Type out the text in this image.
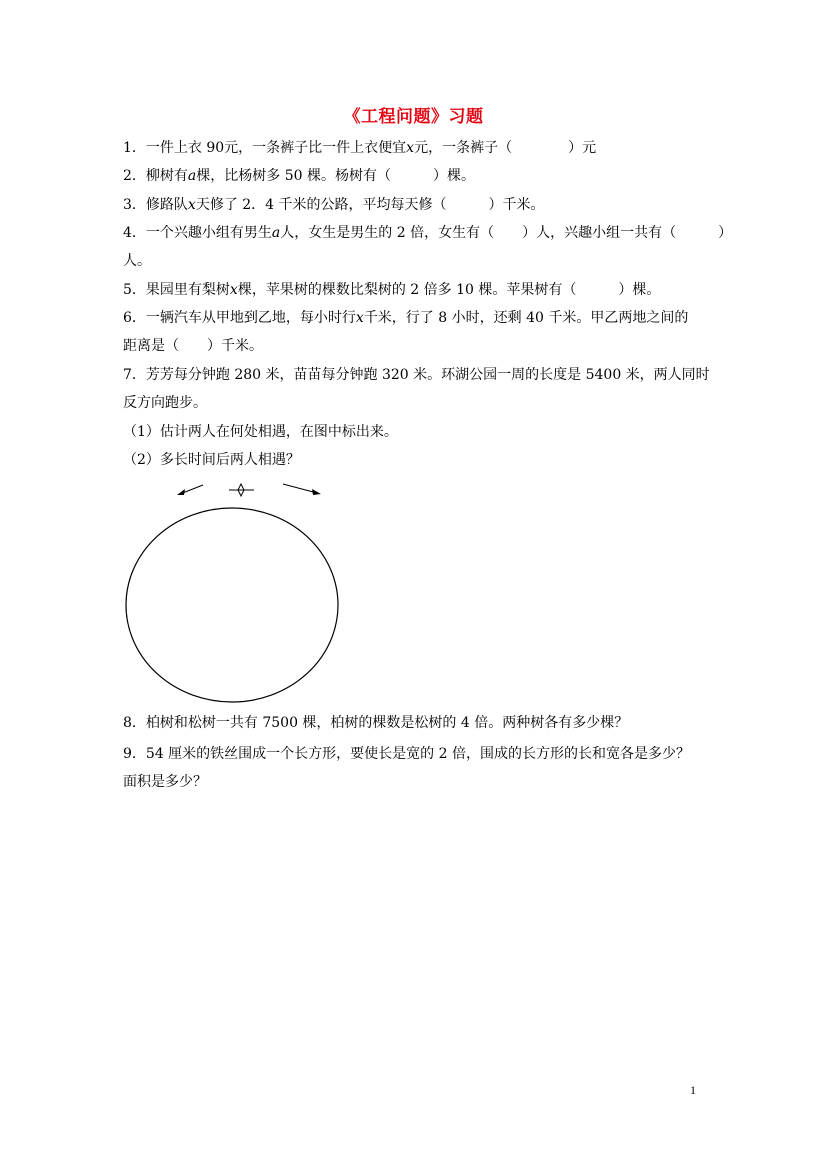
《工程问题》习题
1．一件上衣 90元，一条裤子比一件上衣便宜x元，一条裤子（　　　　）元
2．柳树有a棵，比杨树多 50 棵。杨树有（　　　）棵。
3．修路队x天修了 2．4 千米的公路，平均每天修（　　　）千米。
4．一个兴趣小组有男生a人，女生是男生的 2 倍，女生有（　　）人，兴趣小组一共有（　　　）
人。
5．果园里有梨树x棵，苹果树的棵数比梨树的 2 倍多 10 棵。苹果树有（　　　）棵。
6．一辆汽车从甲地到乙地，每小时行x千米，行了 8 小时，还剩 40 千米。甲乙两地之间的
距离是（　　）千米。
7．芳芳每分钟跑 280 米，苗苗每分钟跑 320 米。环湖公园一周的长度是 5400 米，两人同时
反方向跑步。
（1）估计两人在何处相遇，在图中标出来。
（2）多长时间后两人相遇？
8．柏树和松树一共有 7500 棵，柏树的棵数是松树的 4 倍。两种树各有多少棵？
9．54 厘米的铁丝围成一个长方形，要使长是宽的 2 倍，围成的长方形的长和宽各是多少？
面积是多少？
1
